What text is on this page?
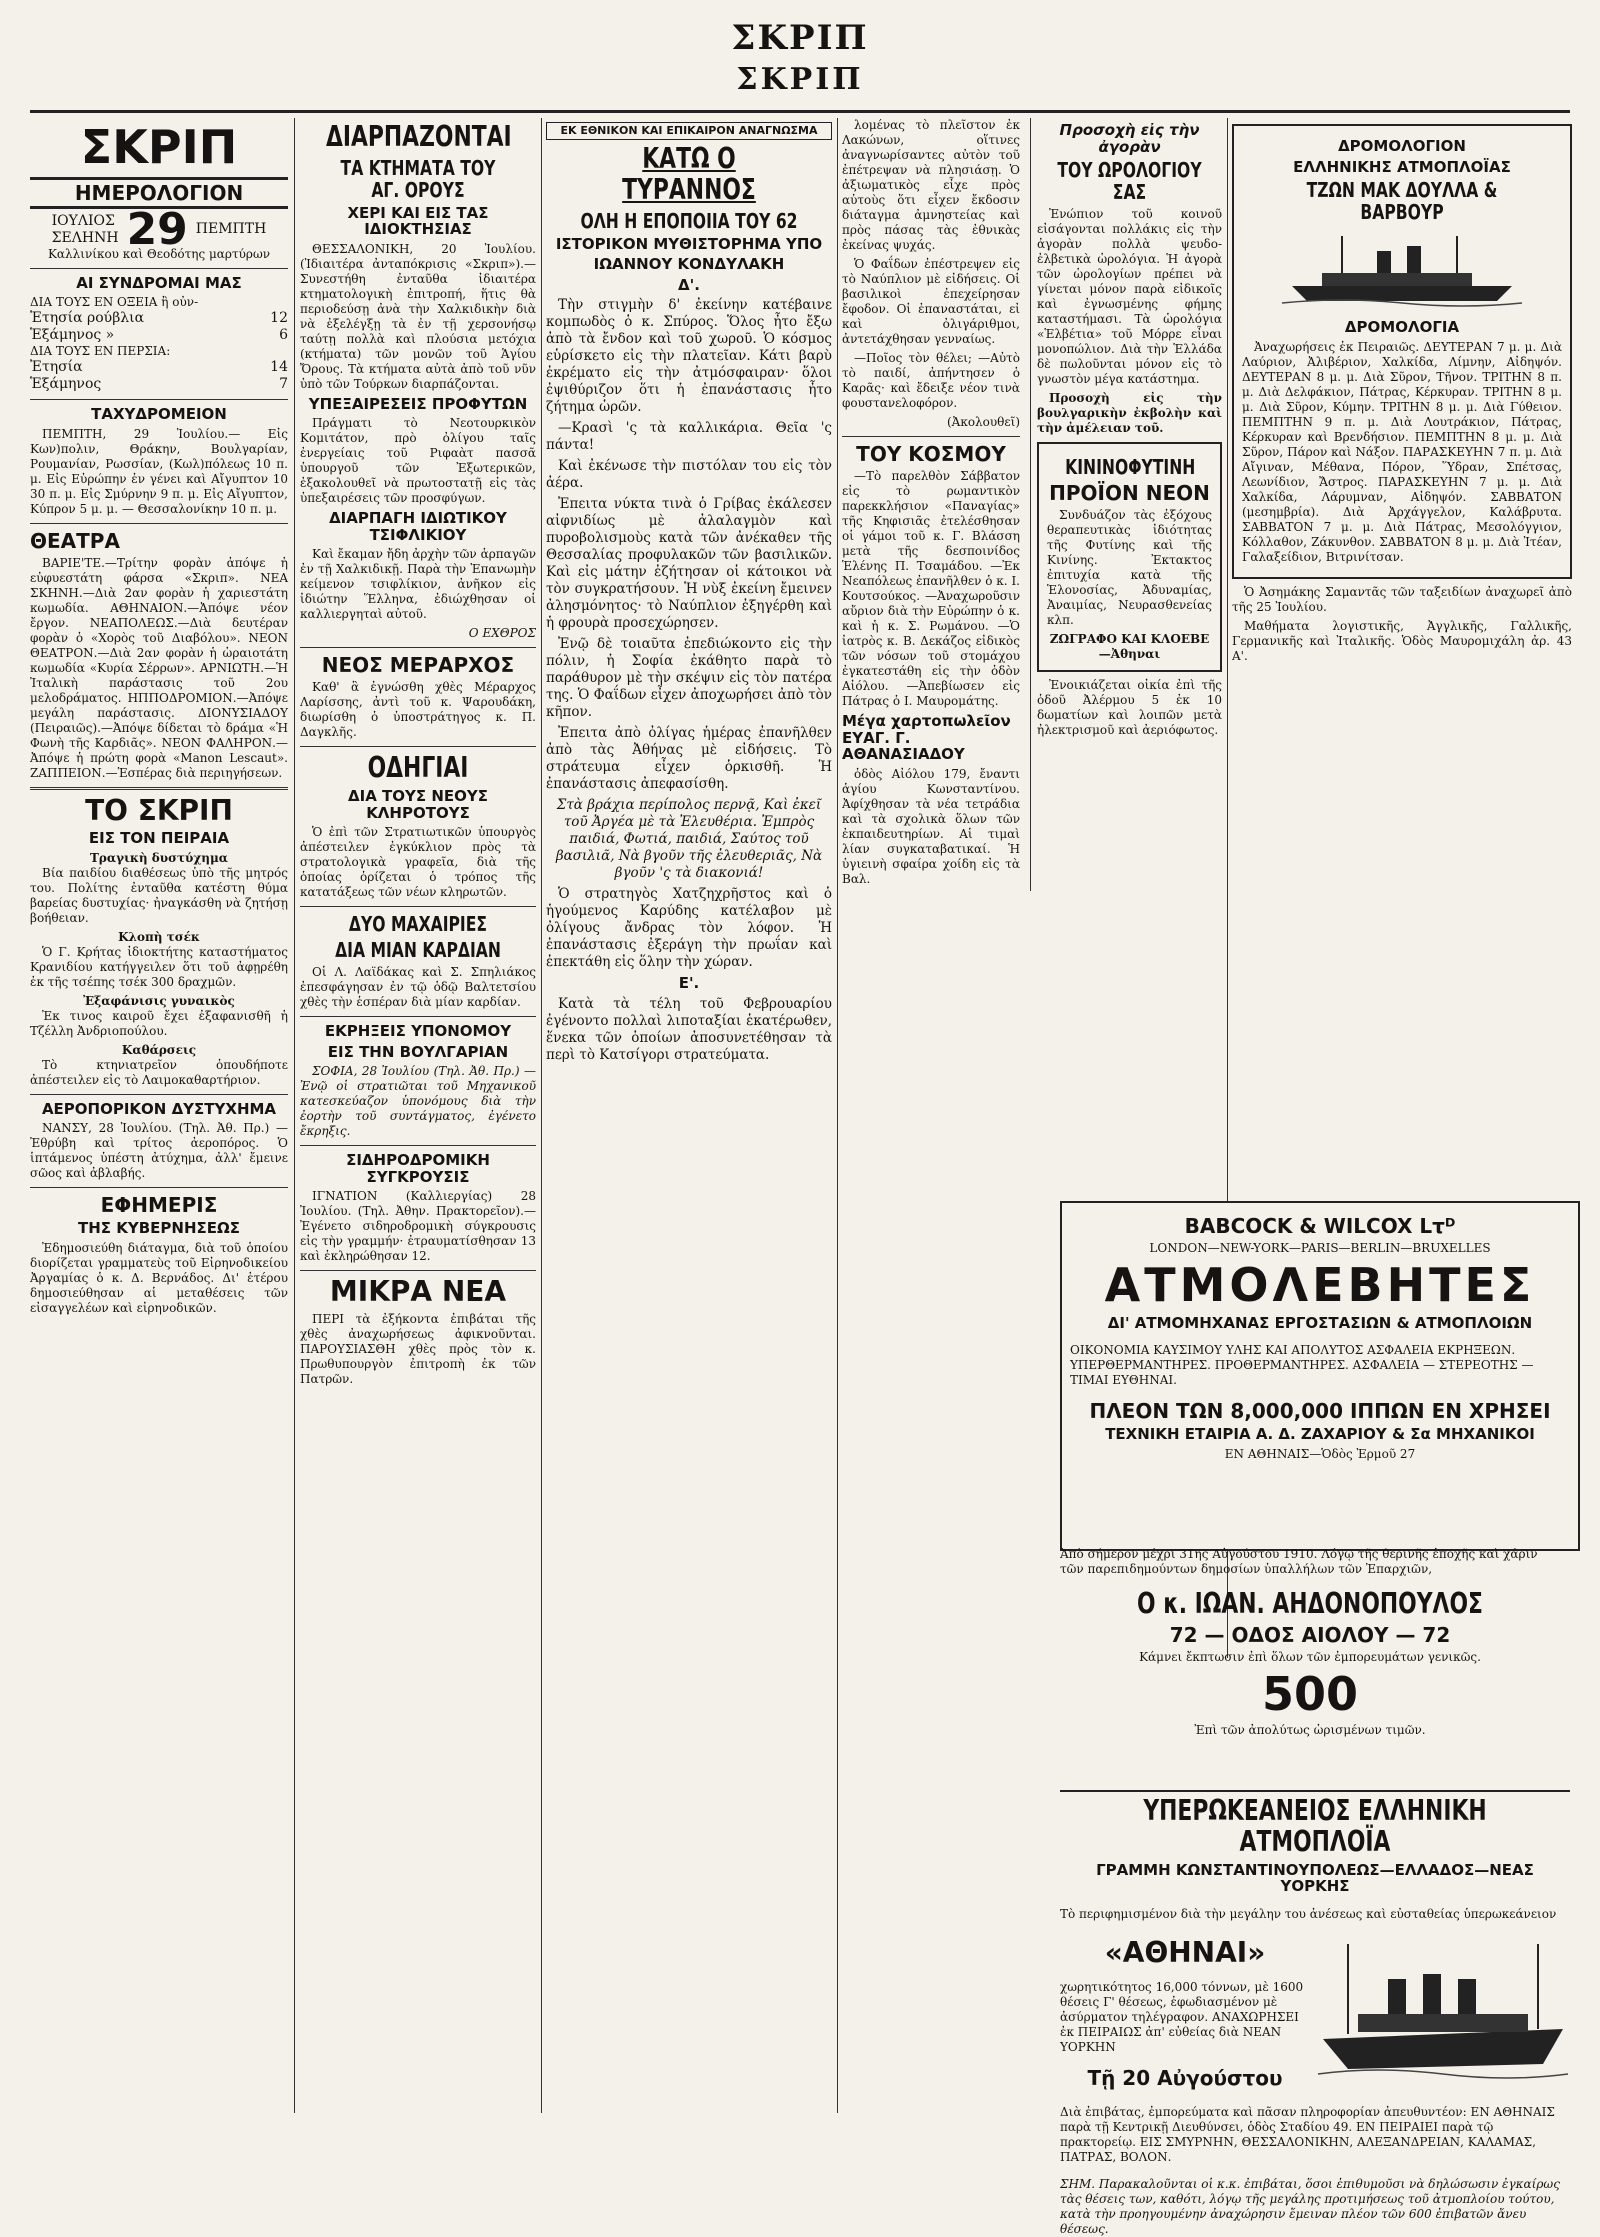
ΣΚΡΙΠ
ΣΚΡΙΠ
ΣΚΡΙΠ
ΗΜΕΡΟΛΟΓΙΟΝ
ΙΟΥΛΙΟΣ
ΣΕΛΗΝΗ 29 ΠΕΜΠΤΗ
Καλλινίκου καὶ Θεοδότης μαρτύρων
ΑΙ ΣΥΝΔΡΟΜΑΙ ΜΑΣ
ΔΙΑ ΤΟΥΣ ΕΝ ΟΞΕΙΑ ἢ οὐν-
Ἐτησία ρούβλια	12
Ἑξάμηνος »	6
ΔΙΑ ΤΟΥΣ ΕΝ ΠΕΡΣΙΑ:
Ἐτησία	14
Ἑξάμηνος	7
ΤΑΧΥΔΡΟΜΕΙΟΝ

ΠΕΜΠΤΗ, 29 Ἰουλίου.— Εἰς Κων)πολιν, Θράκην, Βουλγαρίαν, Ρουμανίαν, Ρωσσίαν, (Κωλ)πόλεως 10 π. μ. Εἰς Εὐρώπην ἐν γένει καὶ Αἴγυπτον 10 30 π. μ. Εἰς Σμύρνην 9 π. μ. Εἰς Αἴγυπτον, Κύπρον 5 μ. μ. — Θεσσαλονίκην 10 π. μ.

ΘΕΑΤΡΑ

ΒΑΡΙΕ'ΤΕ.—Τρίτην φορὰν ἀπόψε ἡ εὐφυεστάτη φάρσα «Σκριπ». ΝΕΑ ΣΚΗΝΗ.—Διὰ 2αν φορὰν ἡ χαριεστάτη κωμωδία. ΑΘΗΝΑΙΟΝ.—Ἀπόψε νέον ἔργον. ΝΕΑΠΟΛΕΩΣ.—Διὰ δευτέραν φορὰν ὁ «Χορὸς τοῦ Διαβόλου». ΝΕΟΝ ΘΕΑΤΡΟΝ.—Διὰ 2αν φορὰν ἡ ὡραιοτάτη κωμωδία «Κυρία Σέρρων». ΑΡΝΙΩΤΗ.—Ἡ Ἰταλικὴ παράστασις τοῦ 2ου μελοδράματος. ΗΠΠΟΔΡΟΜΙΟΝ.—Ἀπόψε μεγάλη παράστασις. ΔΙΟΝΥΣΙΑΔΟΥ (Πειραιῶς).—Ἀπόψε δίδεται τὸ δράμα «Ἡ Φωνὴ τῆς Καρδιᾶς». ΝΕΟΝ ΦΑΛΗΡΟΝ.—Ἀπόψε ἡ πρώτη φορὰ «Manon Lescaut». ΖΑΠΠΕΙΟΝ.—Ἑσπέρας διὰ περιηγήσεων.

ΤΟ ΣΚΡΙΠ
ΕΙΣ ΤΟΝ ΠΕΙΡΑΙΑ
Τραγικὴ δυστύχημα

Βία παιδίου διαθέσεως ὑπὸ τῆς μητρός του. Πολίτης ἐνταῦθα κατέστη θύμα βαρείας δυστυχίας· ἠναγκάσθη νὰ ζητήσῃ βοήθειαν.

Κλοπὴ τσέκ

Ὁ Γ. Κρήτας ἰδιοκτήτης καταστήματος Κρανιδίου κατήγγειλεν ὅτι τοῦ ἀφῃρέθη ἐκ τῆς τσέπης τσέκ 300 δραχμῶν.

Ἐξαφάνισις γυναικὸς

Ἐκ τινος καιροῦ ἔχει ἐξαφανισθῆ ἡ Τζέλλη Ἀνδριοπούλου.

Καθάρσεις

Τὸ κτηνιατρεῖον ὁπουδήποτε ἀπέστειλεν εἰς τὸ Λαιμοκαθαρτήριον.

ΑΕΡΟΠΟΡΙΚΟΝ ΔΥΣΤΥΧΗΜΑ

ΝΑΝΣΥ, 28 Ἰουλίου. (Τηλ. Ἀθ. Πρ.) —Ἐθρύβη καὶ τρίτος ἀεροπόρος. Ὁ ἱπτάμενος ὑπέστη ἀτύχημα, ἀλλ' ἔμεινε σῶος καὶ ἀβλαβής.

ΕΦΗΜΕΡΙΣ
ΤΗΣ ΚΥΒΕΡΝΗΣΕΩΣ

Ἐδημοσιεύθη διάταγμα, διὰ τοῦ ὁποίου διορίζεται γραμματεὺς τοῦ Εἰρηνοδικείου Ἀργαμίας ὁ κ. Δ. Βερνάδος. Δι' ἑτέρου δημοσιεύθησαν αἱ μεταθέσεις τῶν εἰσαγγελέων καὶ εἰρηνοδικῶν.

ΔΙΑΡΠΑΖΟΝΤΑΙ
ΤΑ ΚΤΗΜΑΤΑ ΤΟΥ ΑΓ. ΟΡΟΥΣ
ΧΕΡΙ ΚΑΙ ΕΙΣ ΤΑΣ ΙΔΙΟΚΤΗΣΙΑΣ

ΘΕΣΣΑΛΟΝΙΚΗ, 20 Ἰουλίου. (Ἰδιαιτέρα ἀνταπόκρισις «Σκριπ»).— Συνεστήθη ἐνταῦθα ἰδιαιτέρα κτηματολογικὴ ἐπιτροπή, ἥτις θὰ περιοδεύσῃ ἀνὰ τὴν Χαλκιδικὴν διὰ νὰ ἐξελέγξῃ τὰ ἐν τῇ χερσονήσῳ ταύτῃ πολλὰ καὶ πλούσια μετόχια (κτήματα) τῶν μονῶν τοῦ Ἁγίου Ὄρους. Τὰ κτήματα αὐτὰ ἀπὸ τοῦ νῦν ὑπὸ τῶν Τούρκων διαρπάζονται.

ΥΠΕΞΑΙΡΕΣΕΙΣ ΠΡΟΦΥΤΩΝ

Πράγματι τὸ Νεοτουρκικὸν Κομιτάτον, πρὸ ὀλίγου ταῖς ἐνεργείαις τοῦ Ριφαὰτ πασσᾶ ὑπουργοῦ τῶν Ἐξωτερικῶν, ἐξακολουθεῖ νὰ πρωτοστατῇ εἰς τὰς ὑπεξαιρέσεις τῶν προσφύγων.

ΔΙΑΡΠΑΓΗ ΙΔΙΩΤΙΚΟΥ ΤΣΙΦΛΙΚΙΟΥ

Καὶ ἔκαμαν ἤδη ἀρχὴν τῶν ἁρπαγῶν ἐν τῇ Χαλκιδικῇ. Παρὰ τὴν Ἐπανωμὴν κείμενον τσιφλίκιον, ἀνῆκον εἰς ἰδιώτην Ἕλληνα, ἐδιώχθησαν οἱ καλλιεργηταὶ αὐτοῦ.

Ο ΕΧΘΡΟΣ
ΝΕΟΣ ΜΕΡΑΡΧΟΣ

Καθ' ἃ ἐγνώσθη χθὲς Μέραρχος Λαρίσσης, ἀντὶ τοῦ κ. Ψαρουδάκη, διωρίσθη ὁ ὑποστράτηγος κ. Π. Δαγκλῆς.

ΟΔΗΓΙΑΙ
ΔΙΑ ΤΟΥΣ ΝΕΟΥΣ ΚΛΗΡΟΤΟΥΣ

Ὁ ἐπὶ τῶν Στρατιωτικῶν ὑπουργὸς ἀπέστειλεν ἐγκύκλιον πρὸς τὰ στρατολογικὰ γραφεῖα, διὰ τῆς ὁποίας ὁρίζεται ὁ τρόπος τῆς κατατάξεως τῶν νέων κληρωτῶν.

ΔΥΟ ΜΑΧΑΙΡΙΕΣ
ΔΙΑ ΜΙΑΝ ΚΑΡΔΙΑΝ

Οἱ Λ. Λαϊδάκας καὶ Σ. Σπηλιάκος ἐπεσφάγησαν ἐν τῷ ὁδῷ Βαλτετσίου χθὲς τὴν ἑσπέραν διὰ μίαν καρδίαν.

ΕΚΡΗΞΕΙΣ ΥΠΟΝΟΜΟΥ
ΕΙΣ ΤΗΝ ΒΟΥΛΓΑΡΙΑΝ

ΣΟΦΙΑ, 28 Ἰουλίου (Τηλ. Ἀθ. Πρ.) —Ἐνῷ οἱ στρατιῶται τοῦ Μηχανικοῦ κατεσκεύαζον ὑπονόμους διὰ τὴν ἐορτὴν τοῦ συντάγματος, ἐγένετο ἔκρηξις.

ΣΙΔΗΡΟΔΡΟΜΙΚΗ ΣΥΓΚΡΟΥΣΙΣ

ΙΓΝΑΤΙΟΝ (Καλλιεργίας) 28 Ἰουλίου. (Τηλ. Ἀθην. Πρακτορεῖον).— Ἐγένετο σιδηροδρομικὴ σύγκρουσις εἰς τὴν γραμμήν· ἐτραυματίσθησαν 13 καὶ ἐκληρώθησαν 12.

ΜΙΚΡΑ ΝΕΑ

ΠΕΡΙ τὰ ἐξήκοντα ἐπιβάται τῆς χθὲς ἀναχωρήσεως ἀφικνοῦνται. ΠΑΡΟΥΣΙΑΣΘΗ χθὲς πρὸς τὸν κ. Πρωθυπουργὸν ἐπιτροπὴ ἐκ τῶν Πατρῶν.

ΕΚ ΕΘΝΙΚΟΝ ΚΑΙ ΕΠΙΚΑΙΡΟΝ ΑΝΑΓΝΩΣΜΑ
ΚΑΤΩ Ο ΤΥΡΑΝΝΟΣ
ΟΛΗ Η ΕΠΟΠΟΙΙΑ ΤΟΥ 62
ΙΣΤΟΡΙΚΟΝ ΜΥΘΙΣΤΟΡΗΜΑ ΥΠΟ
ΙΩΑΝΝΟΥ ΚΟΝΔΥΛΑΚΗ
Δ'.

Τὴν στιγμὴν δ' ἐκείνην κατέβαινε κομπωδὸς ὁ κ. Σπύρος. Ὅλος ἦτο ἔξω ἀπὸ τὰ ἔνδον καὶ τοῦ χωροῦ. Ὁ κόσμος εὑρίσκετο εἰς τὴν πλατεῖαν. Κάτι βαρὺ ἐκρέματο εἰς τὴν ἀτμόσφαιραν· ὅλοι ἐψιθύριζον ὅτι ἡ ἐπανάστασις ἦτο ζήτημα ὡρῶν.

—Κρασὶ 'ς τὰ καλλικάρια. Θεῖα 'ς πάντα!

Καὶ ἐκένωσε τὴν πιστόλαν του εἰς τὸν ἀέρα.

Ἐπειτα νύκτα τινὰ ὁ Γρίβας ἐκάλεσεν αἰφνιδίως μὲ ἀλαλαγμὸν καὶ πυροβολισμοὺς κατὰ τῶν ἀνέκαθεν τῆς Θεσσαλίας προφυλακῶν τῶν βασιλικῶν. Καὶ εἰς μάτην ἐζήτησαν οἱ κάτοικοι νὰ τὸν συγκρατήσουν. Ἡ νὺξ ἐκείνη ἔμεινεν ἀλησμόνητος· τὸ Ναύπλιον ἐξηγέρθη καὶ ἡ φρουρὰ προσεχώρησεν.

Ἐνῷ δὲ τοιαῦτα ἐπεδιώκοντο εἰς τὴν πόλιν, ἡ Σοφία ἐκάθητο παρὰ τὸ παράθυρον μὲ τὴν σκέψιν εἰς τὸν πατέρα της. Ὁ Φαΐδων εἶχεν ἀποχωρήσει ἀπὸ τὸν κῆπον.

Ἐπειτα ἀπὸ ὀλίγας ἡμέρας ἐπανῆλθεν ἀπὸ τὰς Ἀθήνας μὲ εἰδήσεις. Τὸ στράτευμα εἶχεν ὁρκισθῆ. Ἡ ἐπανάστασις ἀπεφασίσθη.

Στὰ βράχια περίπολος περνᾷ, Καὶ ἐκεῖ τοῦ Ἀργέα μὲ τὰ Ἐλευθέρια. Ἐμπρὸς παιδιά, Φωτιά, παιδιά, Σαύτος τοῦ βασιλιᾶ, Νὰ βγοῦν τῆς ἐλευθεριᾶς, Νὰ βγοῦν 'ς τὰ διακονιά!

Ὁ στρατηγὸς Χατζηχρῆστος καὶ ὁ ἡγούμενος Καρύδης κατέλαβον μὲ ὀλίγους ἄνδρας τὸν λόφον. Ἡ ἐπανάστασις ἐξεράγη τὴν πρωΐαν καὶ ἐπεκτάθη εἰς ὅλην τὴν χώραν.

Ε'.

Κατὰ τὰ τέλη τοῦ Φεβρουαρίου ἐγένοντο πολλαὶ λιποταξίαι ἑκατέρωθεν, ἕνεκα τῶν ὁποίων ἀποσυνετέθησαν τὰ περὶ τὸ Κατσίγορι στρατεύματα.

λομένας τὸ πλεῖστον ἐκ Λακώνων, οἵτινες ἀναγνωρίσαντες αὐτὸν τοῦ ἐπέτρεψαν νὰ πλησιάσῃ. Ὁ ἀξιωματικὸς εἶχε πρὸς αὐτοὺς ὅτι εἶχεν ἔκδοσιν διάταγμα ἀμνηστείας καὶ πρὸς πάσας τὰς ἐθνικὰς ἐκείνας ψυχάς.

Ὁ Φαΐδων ἐπέστρεψεν εἰς τὸ Ναύπλιον μὲ εἰδήσεις. Οἱ βασιλικοὶ ἐπεχείρησαν ἔφοδον. Οἱ ἐπαναστάται, εἰ καὶ ὀλιγάριθμοι, ἀντετάχθησαν γενναίως.

—Ποῖος τὸν θέλει; —Αὐτὸ τὸ παιδί, ἀπήντησεν ὁ Καρᾶς· καὶ ἔδειξε νέον τινὰ φουστανελοφόρον.

(Ἀκολουθεῖ)
ΤΟΥ ΚΟΣΜΟΥ

—Τὸ παρελθὸν Σάββατον εἰς τὸ ρωμαντικὸν παρεκκλήσιον «Παναγίας» τῆς Κηφισιᾶς ἐτελέσθησαν οἱ γάμοι τοῦ κ. Γ. Βλάσση μετὰ τῆς δεσποινίδος Ἑλένης Π. Τσαμάδου. —Ἐκ Νεαπόλεως ἐπανῆλθεν ὁ κ. Ι. Κουτσούκος. —Ἀναχωροῦσιν αὔριον διὰ τὴν Εὐρώπην ὁ κ. καὶ ἡ κ. Σ. Ρωμάνου. —Ὁ ἰατρὸς κ. Β. Δεκάζος εἰδικὸς τῶν νόσων τοῦ στομάχου ἐγκατεστάθη εἰς τὴν ὁδὸν Αἰόλου. —Ἀπεβίωσεν εἰς Πάτρας ὁ Ι. Μαυρομάτης.

Μέγα χαρτοπωλεῖον ΕΥΑΓ. Γ. ΑΘΑΝΑΣΙΑΔΟΥ

ὁδὸς Αἰόλου 179, ἔναντι ἁγίου Κωνσταντίνου. Ἀφίχθησαν τὰ νέα τετράδια καὶ τὰ σχολικὰ ὅλων τῶν ἐκπαιδευτηρίων. Αἱ τιμαὶ λίαν συγκαταβατικαί. Ἡ ὑγιεινὴ σφαίρα χοίδη εἰς τὰ Βαλ.

Προσοχὴ εἰς τὴν ἀγορὰν
ΤΟΥ ΩΡΟΛΟΓΙΟΥ ΣΑΣ

Ἐνώπιον τοῦ κοινοῦ εἰσάγονται πολλάκις εἰς τὴν ἀγορὰν πολλὰ ψευδο-ἐλβετικὰ ὡρολόγια. Ἡ ἀγορὰ τῶν ὡρολογίων πρέπει νὰ γίνεται μόνον παρὰ εἰδικοῖς καὶ ἐγνωσμένης φήμης καταστήμασι. Τὰ ὡρολόγια «Ἑλβέτια» τοῦ Μόρρε εἶναι μονοπώλιον. Διὰ τὴν Ἑλλάδα δὲ πωλοῦνται μόνον εἰς τὸ γνωστὸν μέγα κατάστημα.

Προσοχὴ εἰς τὴν βουλγαρικὴν ἐκβολὴν καὶ τὴν ἀμέλειαν τοῦ.

ΚΙΝΙΝΟΦΥΤΙΝΗ
ΠΡΟΪΟΝ ΝΕΟΝ

Συνδυάζον τὰς ἐξόχους θεραπευτικὰς ἰδιότητας τῆς Φυτίνης καὶ τῆς Κινίνης. Ἐκτακτος ἐπιτυχία κατὰ τῆς Ἑλονοσίας, Ἀδυναμίας, Ἀναιμίας, Νευρασθενείας κλπ.

ΖΩΓΡΑΦΟ ΚΑΙ ΚΛΟΕΒΕ—Ἀθηναι

Ἐνοικιάζεται οἰκία ἐπὶ τῆς ὁδοῦ Ἀλέρμου 5 ἐκ 10 δωματίων καὶ λοιπῶν μετὰ ἠλεκτρισμοῦ καὶ ἀεριόφωτος.

ΔΡΟΜΟΛΟΓΙΟΝ
ΕΛΛΗΝΙΚΗΣ ΑΤΜΟΠΛΟΪΑΣ
ΤΖΩΝ ΜΑΚ ΔΟΥΛΛΑ & ΒΑΡΒΟΥΡ
ΔΡΟΜΟΛΟΓΙΑ

Ἀναχωρήσεις ἐκ Πειραιῶς. ΔΕΥΤΕΡΑΝ 7 μ. μ. Διὰ Λαύριον, Ἀλιβέριον, Χαλκίδα, Λίμνην, Αἰδηψόν. ΔΕΥΤΕΡΑΝ 8 μ. μ. Διὰ Σῦρον, Τῆνον. ΤΡΙΤΗΝ 8 π. μ. Διὰ Δελφάκιον, Πάτρας, Κέρκυραν. ΤΡΙΤΗΝ 8 μ. μ. Διὰ Σῦρον, Κύμην. ΤΡΙΤΗΝ 8 μ. μ. Διὰ Γύθειον. ΠΕΜΠΤΗΝ 9 π. μ. Διὰ Λουτράκιον, Πάτρας, Κέρκυραν καὶ Βρενδήσιον. ΠΕΜΠΤΗΝ 8 μ. μ. Διὰ Σῦρον, Πάρον καὶ Νάξον. ΠΑΡΑΣΚΕΥΗΝ 7 π. μ. Διὰ Αἴγιναν, Μέθανα, Πόρον, Ὕδραν, Σπέτσας, Λεωνίδιον, Ἄστρος. ΠΑΡΑΣΚΕΥΗΝ 7 μ. μ. Διὰ Χαλκίδα, Λάρυμναν, Αἰδηψόν. ΣΑΒΒΑΤΟΝ (μεσημβρία). Διὰ Ἀρχάγγελον, Καλάβρυτα. ΣΑΒΒΑΤΟΝ 7 μ. μ. Διὰ Πάτρας, Μεσολόγγιον, Κόλλαθον, Ζάκυνθον. ΣΑΒΒΑΤΟΝ 8 μ. μ. Διὰ Ἰτέαν, Γαλαξείδιον, Βιτρινίτσαν.

Ὁ Ἀσημάκης Σαμαντᾶς τῶν ταξειδίων ἀναχωρεῖ ἀπὸ τῆς 25 Ἰουλίου.

Μαθήματα λογιστικῆς, Ἀγγλικῆς, Γαλλικῆς, Γερμανικῆς καὶ Ἰταλικῆς. Ὁδὸς Μαυρομιχάλη ἀρ. 43 Α'.

BABCOCK & WILCOX Lτᴰ
LONDON—NEW-YORK—PARIS—BERLIN—BRUXELLES
ΑΤΜΟΛΕΒΗΤΕΣ
ΔΙ' ΑΤΜΟΜΗΧΑΝΑΣ ΕΡΓΟΣΤΑΣΙΩΝ & ΑΤΜΟΠΛΟΙΩΝ

ΟΙΚΟΝΟΜΙΑ ΚΑΥΣΙΜΟΥ ΥΛΗΣ ΚΑΙ ΑΠΟΛΥΤΟΣ ΑΣΦΑΛΕΙΑ ΕΚΡΗΞΕΩΝ. ΥΠΕΡΘΕΡΜΑΝΤΗΡΕΣ. ΠΡΟΘΕΡΜΑΝΤΗΡΕΣ. ΑΣΦΑΛΕΙΑ — ΣΤΕΡΕΟΤΗΣ — ΤΙΜΑΙ ΕΥΘΗΝΑΙ.

ΠΛΕΟΝ ΤΩΝ 8,000,000 ΙΠΠΩΝ ΕΝ ΧΡΗΣΕΙ
ΤΕΧΝΙΚΗ ΕΤΑΙΡΙΑ Α. Δ. ΖΑΧΑΡΙΟΥ & Σα ΜΗΧΑΝΙΚΟΙ
ΕΝ ΑΘΗΝΑΙΣ—Ὁδὸς Ἐρμοῦ 27

Ἀπὸ σήμερον μέχρι 31ης Αὐγούστου 1910. Λόγῳ τῆς θερινῆς ἐποχῆς καὶ χάριν τῶν παρεπιδημούντων δημοσίων ὑπαλλήλων τῶν Ἐπαρχιῶν,

Ο κ. ΙΩΑΝ. ΑΗΔΟΝΟΠΟΥΛΟΣ
72 — ΟΔΟΣ ΑΙΟΛΟΥ — 72
Κάμνει ἔκπτωσιν ἐπὶ ὅλων τῶν ἐμπορευμάτων γενικῶς.
500
Ἐπὶ τῶν ἀπολύτως ὡρισμένων τιμῶν.
ΥΠΕΡΩΚΕΑΝΕΙΟΣ ΕΛΛΗΝΙΚΗ ΑΤΜΟΠΛΟΪΑ
ΓΡΑΜΜΗ ΚΩΝΣΤΑΝΤΙΝΟΥΠΟΛΕΩΣ—ΕΛΛΑΔΟΣ—ΝΕΑΣ ΥΟΡΚΗΣ

Τὸ περιφημισμένον διὰ τὴν μεγάλην του ἀνέσεως καὶ εὐσταθείας ὑπερωκεάνειον

«ΑΘΗΝΑΙ»

χωρητικότητος 16,000 τόννων, μὲ 1600 θέσεις Γ' θέσεως, ἐφωδιασμένον μὲ ἀσύρματον τηλέγραφον. ΑΝΑΧΩΡΗΣΕΙ ἐκ ΠΕΙΡΑΙΩΣ ἀπ' εὐθείας διὰ ΝΕΑΝ ΥΟΡΚΗΝ

Τῇ 20 Αὐγούστου

Διὰ ἐπιβάτας, ἐμπορεύματα καὶ πᾶσαν πληροφορίαν ἀπευθυντέον: ΕΝ ΑΘΗΝΑΙΣ παρὰ τῇ Κεντρικῇ Διευθύνσει, ὁδὸς Σταδίου 49. ΕΝ ΠΕΙΡΑΙΕΙ παρὰ τῷ πρακτορείῳ. ΕΙΣ ΣΜΥΡΝΗΝ, ΘΕΣΣΑΛΟΝΙΚΗΝ, ΑΛΕΞΑΝΔΡΕΙΑΝ, ΚΑΛΑΜΑΣ, ΠΑΤΡΑΣ, ΒΟΛΟΝ.

ΣΗΜ. Παρακαλοῦνται οἱ κ.κ. ἐπιβάται, ὅσοι ἐπιθυμοῦσι νὰ δηλώσωσιν ἐγκαίρως τὰς θέσεις των, καθότι, λόγῳ τῆς μεγάλης προτιμήσεως τοῦ ἀτμοπλοίου τούτου, κατὰ τὴν προηγουμένην ἀναχώρησιν ἔμειναν πλέον τῶν 600 ἐπιβατῶν ἄνευ θέσεως.
